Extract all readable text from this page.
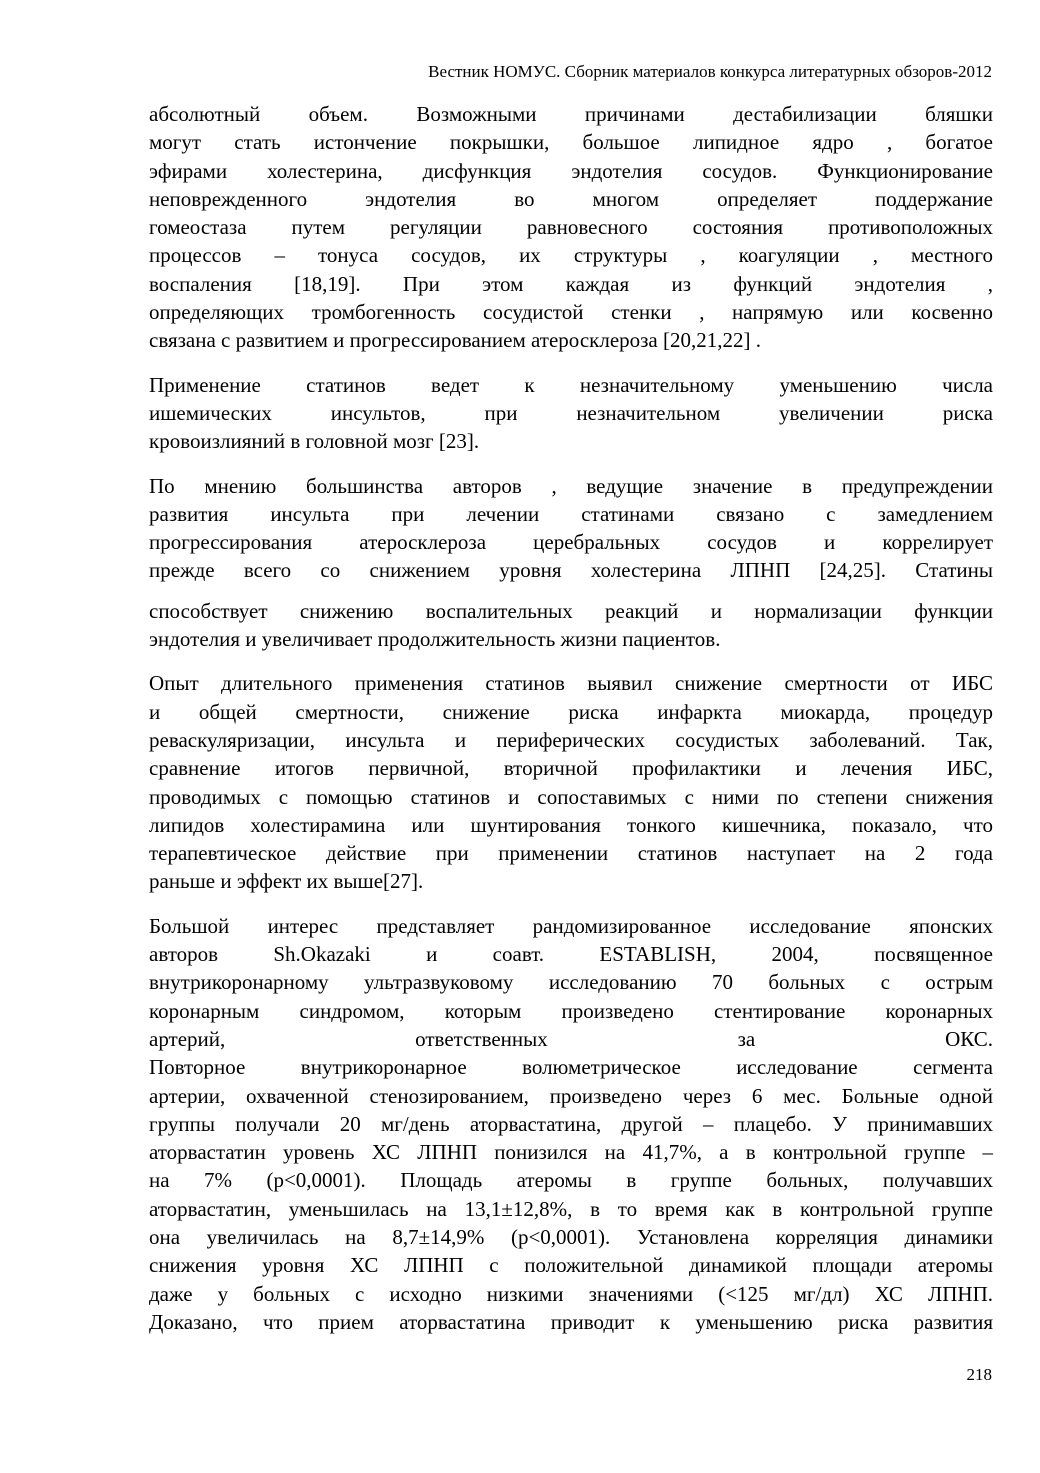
Вестник НОМУС. Сборник материалов конкурса литературных обзоров-2012
абсолютный объем. Возможными причинами дестабилизации бляшки
могут стать истончение покрышки, большое липидное ядро , богатое
эфирами холестерина, дисфункция эндотелия сосудов. Функционирование
неповрежденного эндотелия во многом определяет поддержание
гомеостаза путем регуляции равновесного состояния противоположных
процессов – тонуса сосудов, их структуры , коагуляции , местного
воспаления [18,19]. При этом каждая из функций эндотелия ,
определяющих тромбогенность сосудистой стенки , напрямую или косвенно
связана с развитием и прогрессированием атеросклероза [20,21,22] .
Применение статинов ведет к незначительному уменьшению числа
ишемических инсультов, при незначительном увеличении риска
кровоизлияний в головной мозг [23].
По мнению большинства авторов , ведущие значение в предупреждении
развития инсульта при лечении статинами связано с замедлением
прогрессирования атеросклероза церебральных сосудов и коррелирует
прежде всего со снижением уровня холестерина ЛПНП [24,25]. Статины
способствует снижению воспалительных реакций и нормализации функции
эндотелия и увеличивает продолжительность жизни пациентов.
Опыт длительного применения статинов выявил снижение смертности от ИБС
и общей смертности, снижение риска инфаркта миокарда, процедур
реваскуляризации, инсульта и периферических сосудистых заболеваний. Так,
сравнение итогов первичной, вторичной профилактики и лечения ИБС,
проводимых с помощью статинов и сопоставимых с ними по степени снижения
липидов холестирамина или шунтирования тонкого кишечника, показало, что
терапевтическое действие при применении статинов наступает на 2 года
раньше и эффект их выше[27].
Большой интерес представляет рандомизированное исследование японских
авторов Sh.Okazaki и соавт. ESTABLISH, 2004, посвященное
внутрикоронарному ультразвуковому исследованию 70 больных с острым
коронарным синдромом, которым произведено стентирование коронарных
артерий, ответственных за ОКС.
Повторное внутрикоронарное волюметрическое исследование сегмента
артерии, охваченной стенозированием, произведено через 6 мес. Больные одной
группы получали 20 мг/день аторвастатина, другой – плацебо. У принимавших
аторвастатин уровень ХС ЛПНП понизился на 41,7%, а в контрольной группе –
на 7% (p<0,0001). Площадь атеромы в группе больных, получавших
аторвастатин, уменьшилась на 13,1±12,8%, в то время как в контрольной группе
она увеличилась на 8,7±14,9% (p<0,0001). Установлена корреляция динамики
снижения уровня ХС ЛПНП с положительной динамикой площади атеромы
даже у больных с исходно низкими значениями (<125 мг/дл) ХС ЛПНП.
Доказано, что прием аторвастатина приводит к уменьшению риска развития
218
